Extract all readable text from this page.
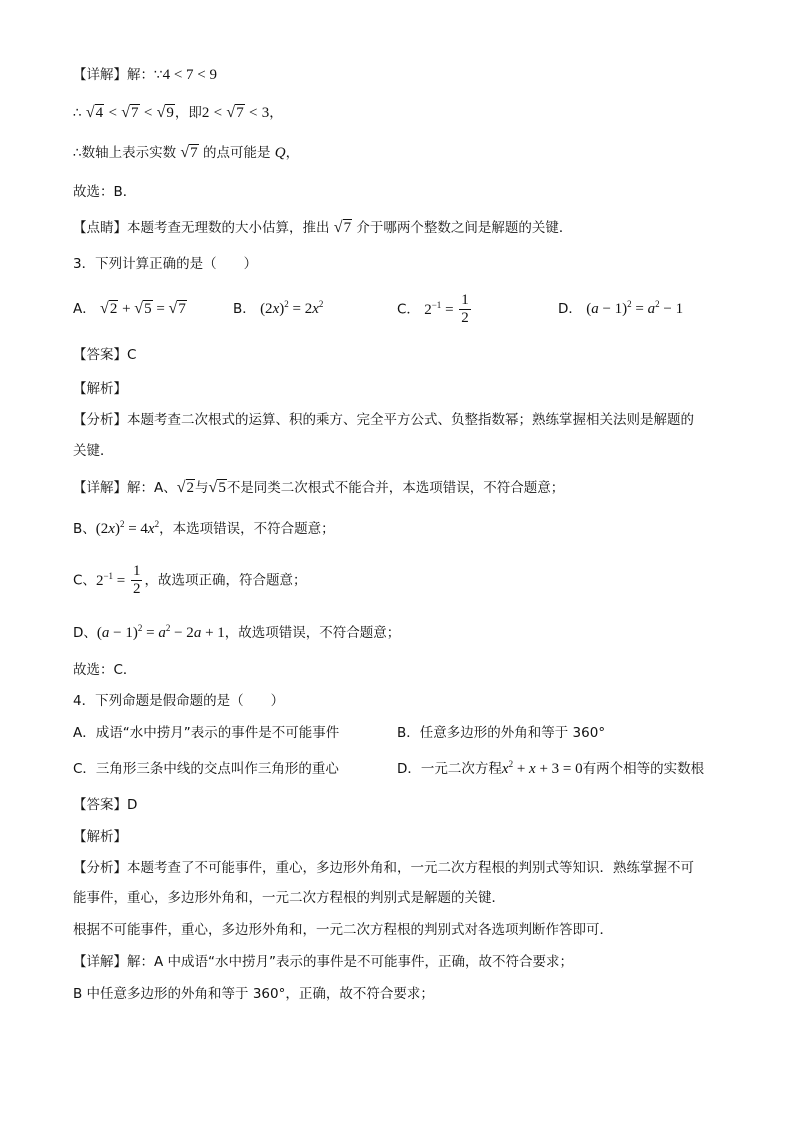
【详解】解：∵4 < 7 < 9
∴ √4 < √7 < √9，即2 < √7 < 3，
∴数轴上表示实数 √7 的点可能是 Q，
故选：B．
【点睛】本题考查无理数的大小估算，推出 √7 介于哪两个整数之间是解题的关键．
3．下列计算正确的是（　　）
A． √2 + √5 = √7	B． $(2x)^2 = 2x^2$	C． $2^{-1} = \frac{1}{2}$	D． $(a - 1)^2 = a^2 - 1$
【答案】C
【解析】
【分析】本题考查二次根式的运算、积的乘方、完全平方公式、负整指数幂；熟练掌握相关法则是解题的
关键．
【详解】解：A、√2与√5不是同类二次根式不能合并，本选项错误，不符合题意；
B、$(2x)^2 = 4x^2$，本选项错误，不符合题意；
C、$2^{-1} = \frac{1}{2}$ ，故选项正确，符合题意；
D、$(a - 1)^2 = a^2 - 2a + 1$，故选项错误，不符合题意；
故选：C．
4．下列命题是假命题的是（　　）
A．成语“水中捞月”表示的事件是不可能事件	B．任意多边形的外角和等于 360°
C．三角形三条中线的交点叫作三角形的重心	D．一元二次方程$x^2 + x + 3 = 0$有两个相等的实数根
【答案】D
【解析】
【分析】本题考查了不可能事件，重心，多边形外角和，一元二次方程根的判别式等知识．熟练掌握不可
能事件，重心，多边形外角和，一元二次方程根的判别式是解题的关键．
根据不可能事件，重心，多边形外角和，一元二次方程根的判别式对各选项判断作答即可．
【详解】解：A 中成语“水中捞月”表示的事件是不可能事件，正确，故不符合要求；
B 中任意多边形的外角和等于 360°，正确，故不符合要求；
